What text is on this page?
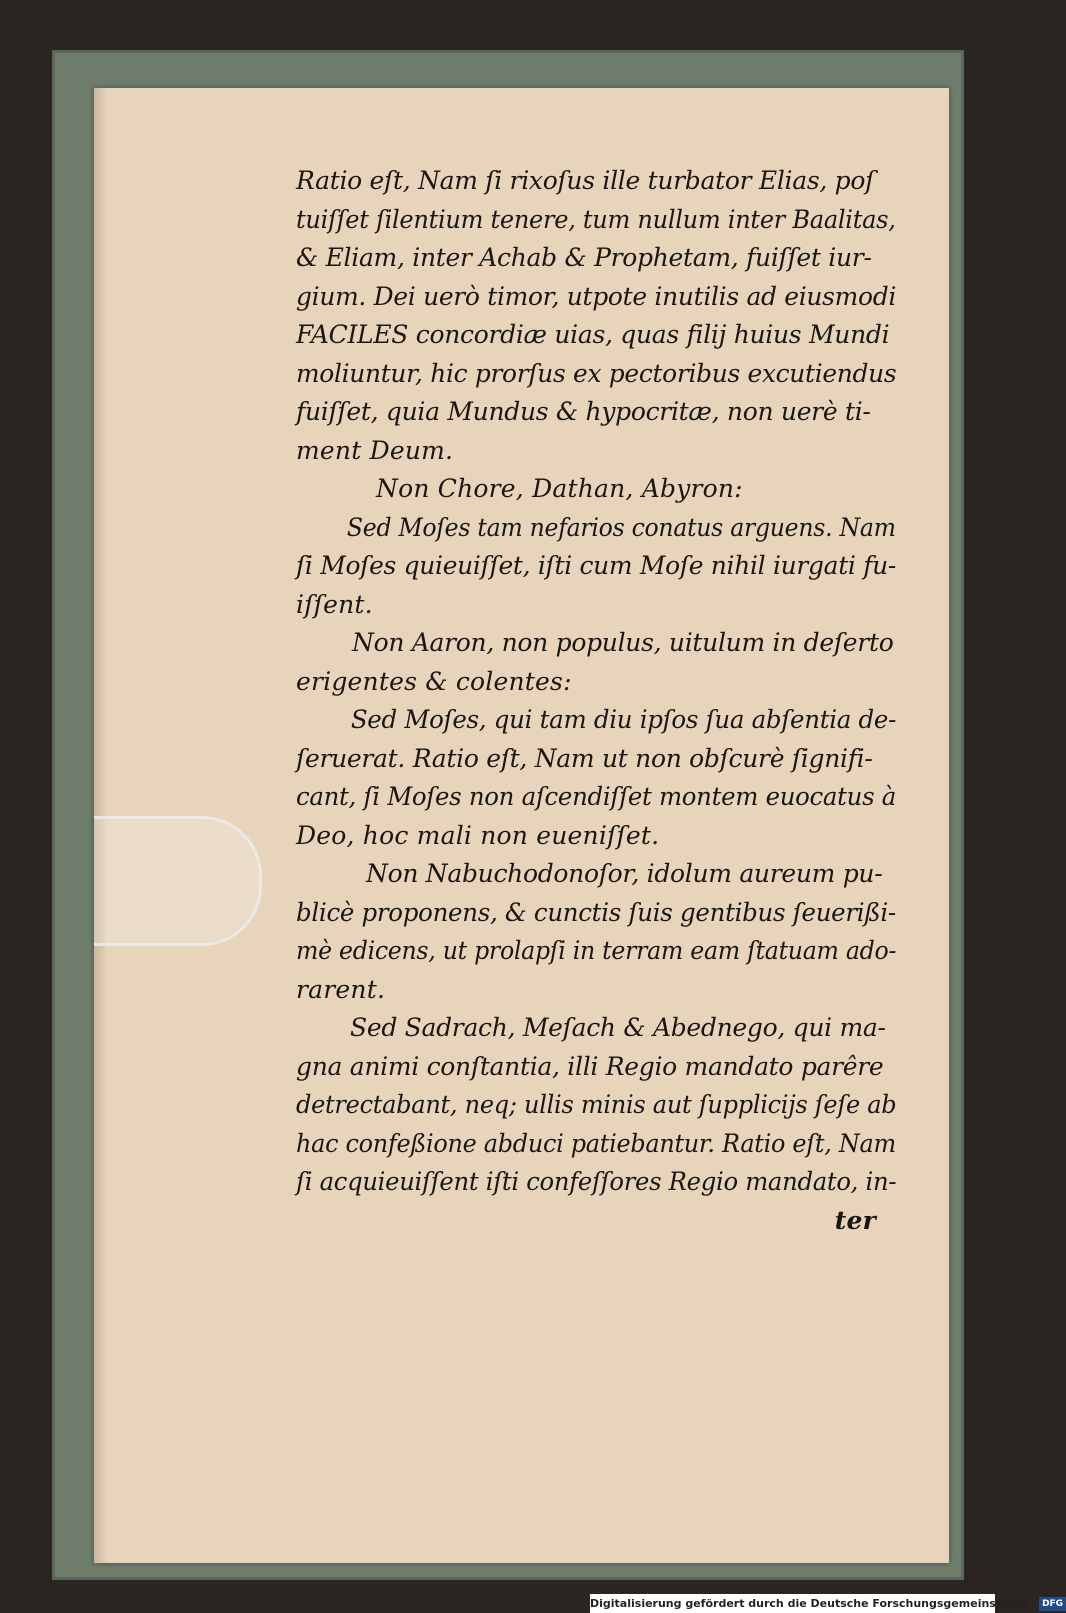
Ratio eſt, Nam ſi rixoſus ille turbator Elias, poſ
tuiſſet ſilentium tenere, tum nullum inter Baalitas,
& Eliam, inter Achab & Prophetam, fuiſſet iur-
gium. Dei uerò timor, utpote inutilis ad eiusmodi
FACILES concordiæ uias, quas filij huius Mundi
moliuntur, hic prorſus ex pectoribus excutiendus
fuiſſet, quia Mundus & hypocritæ, non uerè ti-
ment Deum.
Non Chore, Dathan, Abyron:
Sed Moſes tam nefarios conatus arguens. Nam
ſi Moſes quieuiſſet, iſti cum Moſe nihil iurgati fu-
iſſent.
Non Aaron, non populus, uitulum in deſerto
erigentes & colentes:
Sed Moſes, qui tam diu ipſos ſua abſentia de-
ſeruerat. Ratio eſt, Nam ut non obſcurè ſignifi-
cant, ſi Moſes non aſcendiſſet montem euocatus à
Deo, hoc mali non eueniſſet.
Non Nabuchodonoſor, idolum aureum pu-
blicè proponens, & cunctis ſuis gentibus ſeuerißi-
mè edicens, ut prolapſi in terram eam ſtatuam ado-
rarent.
Sed Sadrach, Meſach & Abednego, qui ma-
gna animi conſtantia, illi Regio mandato parêre
detrectabant, neq; ullis minis aut ſupplicijs ſeſe ab
hac confeßione abduci patiebantur. Ratio eſt, Nam
ſi acquieuiſſent iſti confeſſores Regio mandato, in-
ter
Digitalisierung gefördert durch die Deutsche Forschungsgemeinschaft - DFG
